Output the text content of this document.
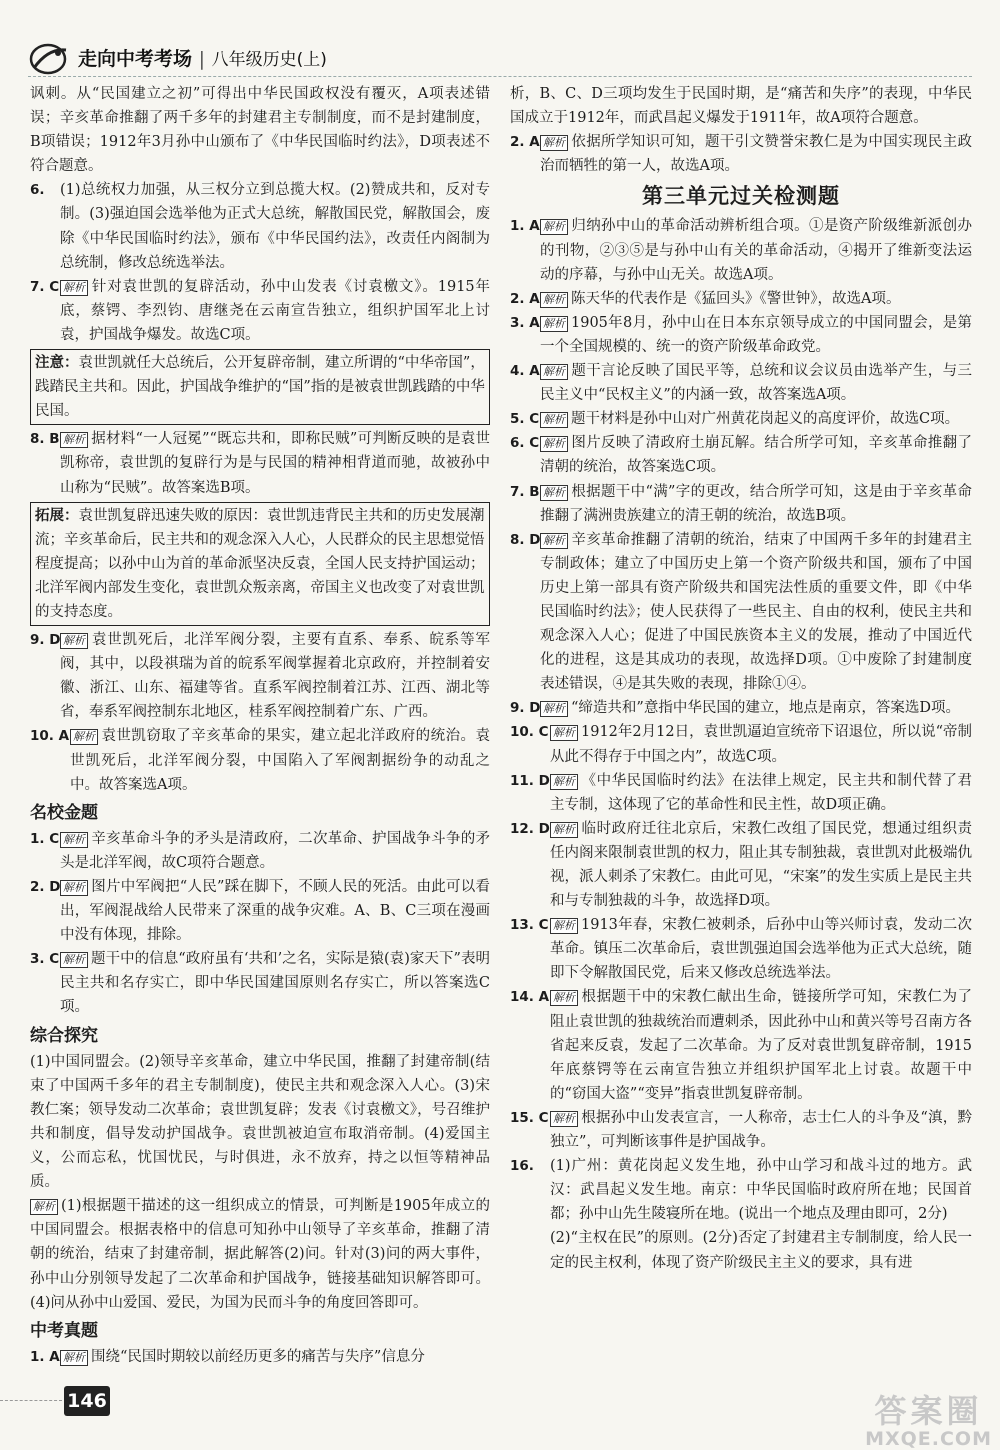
走向中考考场 | 八年级历史(上)

讽刺。从“民国建立之初”可得出中华民国政权没有覆灭，A项表述错误；辛亥革命推翻了两千多年的封建君主专制制度，而不是封建制度，B项错误；1912年3月孙中山颁布了《中华民国临时约法》，D项表述不符合题意。

6. (1)总统权力加强，从三权分立到总揽大权。(2)赞成共和，反对专制。(3)强迫国会选举他为正式大总统，解散国民党，解散国会，废除《中华民国临时约法》，颁布《中华民国约法》，改责任内阁制为总统制，修改总统选举法。

7. C 解析 针对袁世凯的复辟活动，孙中山发表《讨袁檄文》。1915年底，蔡锷、李烈钧、唐继尧在云南宣告独立，组织护国军北上讨袁，护国战争爆发。故选C项。

注意：袁世凯就任大总统后，公开复辟帝制，建立所谓的“中华帝国”，践踏民主共和。因此，护国战争维护的“国”指的是被袁世凯践踏的中华民国。

8. B 解析 据材料“一人冠冕”“既忘共和，即称民贼”可判断反映的是袁世凯称帝，袁世凯的复辟行为是与民国的精神相背道而驰，故被孙中山称为“民贼”。故答案选B项。

拓展：袁世凯复辟迅速失败的原因：袁世凯违背民主共和的历史发展潮流；辛亥革命后，民主共和的观念深入人心，人民群众的民主思想觉悟程度提高；以孙中山为首的革命派坚决反袁，全国人民支持护国运动；北洋军阀内部发生变化，袁世凯众叛亲离，帝国主义也改变了对袁世凯的支持态度。

9. D 解析 袁世凯死后，北洋军阀分裂，主要有直系、奉系、皖系等军阀，其中，以段祺瑞为首的皖系军阀掌握着北京政府，并控制着安徽、浙江、山东、福建等省。直系军阀控制着江苏、江西、湖北等省，奉系军阀控制东北地区，桂系军阀控制着广东、广西。

10. A 解析 袁世凯窃取了辛亥革命的果实，建立起北洋政府的统治。袁世凯死后，北洋军阀分裂，中国陷入了军阀割据纷争的动乱之中。故答案选A项。

名校金题

1. C 解析 辛亥革命斗争的矛头是清政府，二次革命、护国战争斗争的矛头是北洋军阀，故C项符合题意。

2. D 解析 图片中军阀把“人民”踩在脚下，不顾人民的死活。由此可以看出，军阀混战给人民带来了深重的战争灾难。A、B、C三项在漫画中没有体现，排除。

3. C 解析 题干中的信息“政府虽有‘共和’之名，实际是猿(袁)家天下”表明民主共和名存实亡，即中华民国建国原则名存实亡，所以答案选C项。

综合探究

(1)中国同盟会。(2)领导辛亥革命，建立中华民国，推翻了封建帝制(结束了中国两千多年的君主专制制度)，使民主共和观念深入人心。(3)宋教仁案；领导发动二次革命；袁世凯复辟；发表《讨袁檄文》，号召维护共和制度，倡导发动护国战争。袁世凯被迫宣布取消帝制。(4)爱国主义，公而忘私，忧国忧民，与时俱进，永不放弃，持之以恒等精神品质。

解析 (1)根据题干描述的这一组织成立的情景，可判断是1905年成立的中国同盟会。根据表格中的信息可知孙中山领导了辛亥革命，推翻了清朝的统治，结束了封建帝制，据此解答(2)问。针对(3)问的两大事件，孙中山分别领导发起了二次革命和护国战争，链接基础知识解答即可。(4)问从孙中山爱国、爱民，为国为民而斗争的角度回答即可。

中考真题

1. A 解析 围绕“民国时期较以前经历更多的痛苦与失序”信息分

析，B、C、D三项均发生于民国时期，是“痛苦和失序”的表现，中华民国成立于1912年，而武昌起义爆发于1911年，故A项符合题意。

2. A 解析 依据所学知识可知，题干引文赞誉宋教仁是为中国实现民主政治而牺牲的第一人，故选A项。

第三单元过关检测题

1. A 解析 归纳孙中山的革命活动辨析组合项。①是资产阶级维新派创办的刊物，②③⑤是与孙中山有关的革命活动，④揭开了维新变法运动的序幕，与孙中山无关。故选A项。

2. A 解析 陈天华的代表作是《猛回头》《警世钟》，故选A项。

3. A 解析 1905年8月，孙中山在日本东京领导成立的中国同盟会，是第一个全国规模的、统一的资产阶级革命政党。

4. A 解析 题干言论反映了国民平等，总统和议会议员由选举产生，与三民主义中“民权主义”的内涵一致，故答案选A项。

5. C 解析 题干材料是孙中山对广州黄花岗起义的高度评价，故选C项。

6. C 解析 图片反映了清政府土崩瓦解。结合所学可知，辛亥革命推翻了清朝的统治，故答案选C项。

7. B 解析 根据题干中“满”字的更改，结合所学可知，这是由于辛亥革命推翻了满洲贵族建立的清王朝的统治，故选B项。

8. D 解析 辛亥革命推翻了清朝的统治，结束了中国两千多年的封建君主专制政体；建立了中国历史上第一个资产阶级共和国，颁布了中国历史上第一部具有资产阶级共和国宪法性质的重要文件，即《中华民国临时约法》；使人民获得了一些民主、自由的权利，使民主共和观念深入人心；促进了中国民族资本主义的发展，推动了中国近代化的进程，这是其成功的表现，故选择D项。①中废除了封建制度表述错误，④是其失败的表现，排除①④。

9. D 解析 “缔造共和”意指中华民国的建立，地点是南京，答案选D项。

10. C 解析 1912年2月12日，袁世凯逼迫宣统帝下诏退位，所以说“帝制从此不得存于中国之内”，故选C项。

11. D 解析 《中华民国临时约法》在法律上规定，民主共和制代替了君主专制，这体现了它的革命性和民主性，故D项正确。

12. D 解析 临时政府迁往北京后，宋教仁改组了国民党，想通过组织责任内阁来限制袁世凯的权力，阻止其专制独裁，袁世凯对此极端仇视，派人刺杀了宋教仁。由此可见，“宋案”的发生实质上是民主共和与专制独裁的斗争，故选择D项。

13. C 解析 1913年春，宋教仁被刺杀，后孙中山等兴师讨袁，发动二次革命。镇压二次革命后，袁世凯强迫国会选举他为正式大总统，随即下令解散国民党，后来又修改总统选举法。

14. A 解析 根据题干中的宋教仁献出生命，链接所学可知，宋教仁为了阻止袁世凯的独裁统治而遭刺杀，因此孙中山和黄兴等号召南方各省起来反袁，发起了二次革命。为了反对袁世凯复辟帝制，1915年底蔡锷等在云南宣告独立并组织护国军北上讨袁。故题干中的“窃国大盗”“变异”指袁世凯复辟帝制。

15. C 解析 根据孙中山发表宣言，一人称帝，志士仁人的斗争及“滇，黔独立”，可判断该事件是护国战争。

16. (1)广州：黄花岗起义发生地，孙中山学习和战斗过的地方。武汉：武昌起义发生地。南京：中华民国临时政府所在地；民国首都；孙中山先生陵寝所在地。(说出一个地点及理由即可，2分)

(2)“主权在民”的原则。(2分)否定了封建君主专制制度，给人民一定的民主权利，体现了资产阶级民主主义的要求，具有进

146	答案圈
MXQE.COM
